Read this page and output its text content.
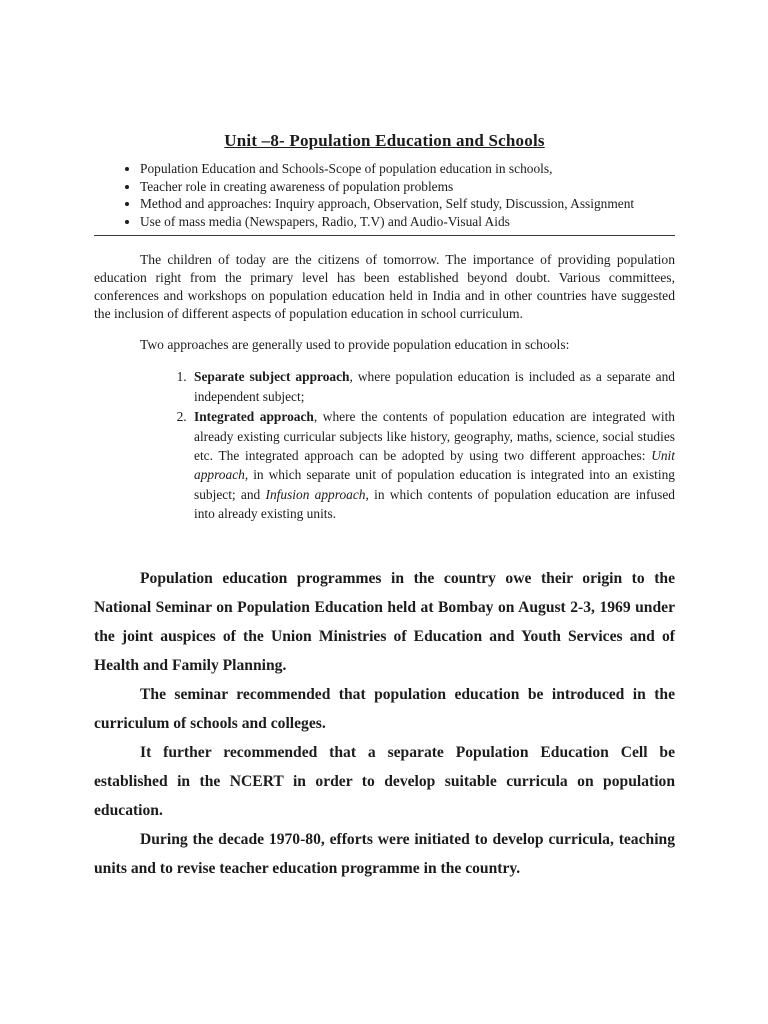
Unit –8- Population Education and Schools
• Population Education and Schools-Scope of population education in schools,
• Teacher role in creating awareness of population problems
• Method and approaches: Inquiry approach, Observation, Self study, Discussion, Assignment
• Use of mass media (Newspapers, Radio, T.V) and Audio-Visual Aids

The children of today are the citizens of tomorrow. The importance of providing population education right from the primary level has been established beyond doubt. Various committees, conferences and workshops on population education held in India and in other countries have suggested the inclusion of different aspects of population education in school curriculum.

Two approaches are generally used to provide population education in schools:

1. Separate subject approach, where population education is included as a separate and independent subject;
2. Integrated approach, where the contents of population education are integrated with already existing curricular subjects like history, geography, maths, science, social studies etc. The integrated approach can be adopted by using two different approaches: Unit approach, in which separate unit of population education is integrated into an existing subject; and Infusion approach, in which contents of population education are infused into already existing units.

Population education programmes in the country owe their origin to the National Seminar on Population Education held at Bombay on August 2-3, 1969 under the joint auspices of the Union Ministries of Education and Youth Services and of Health and Family Planning.

The seminar recommended that population education be introduced in the curriculum of schools and colleges.

It further recommended that a separate Population Education Cell be established in the NCERT in order to develop suitable curricula on population education.

During the decade 1970-80, efforts were initiated to develop curricula, teaching units and to revise teacher education programme in the country.
